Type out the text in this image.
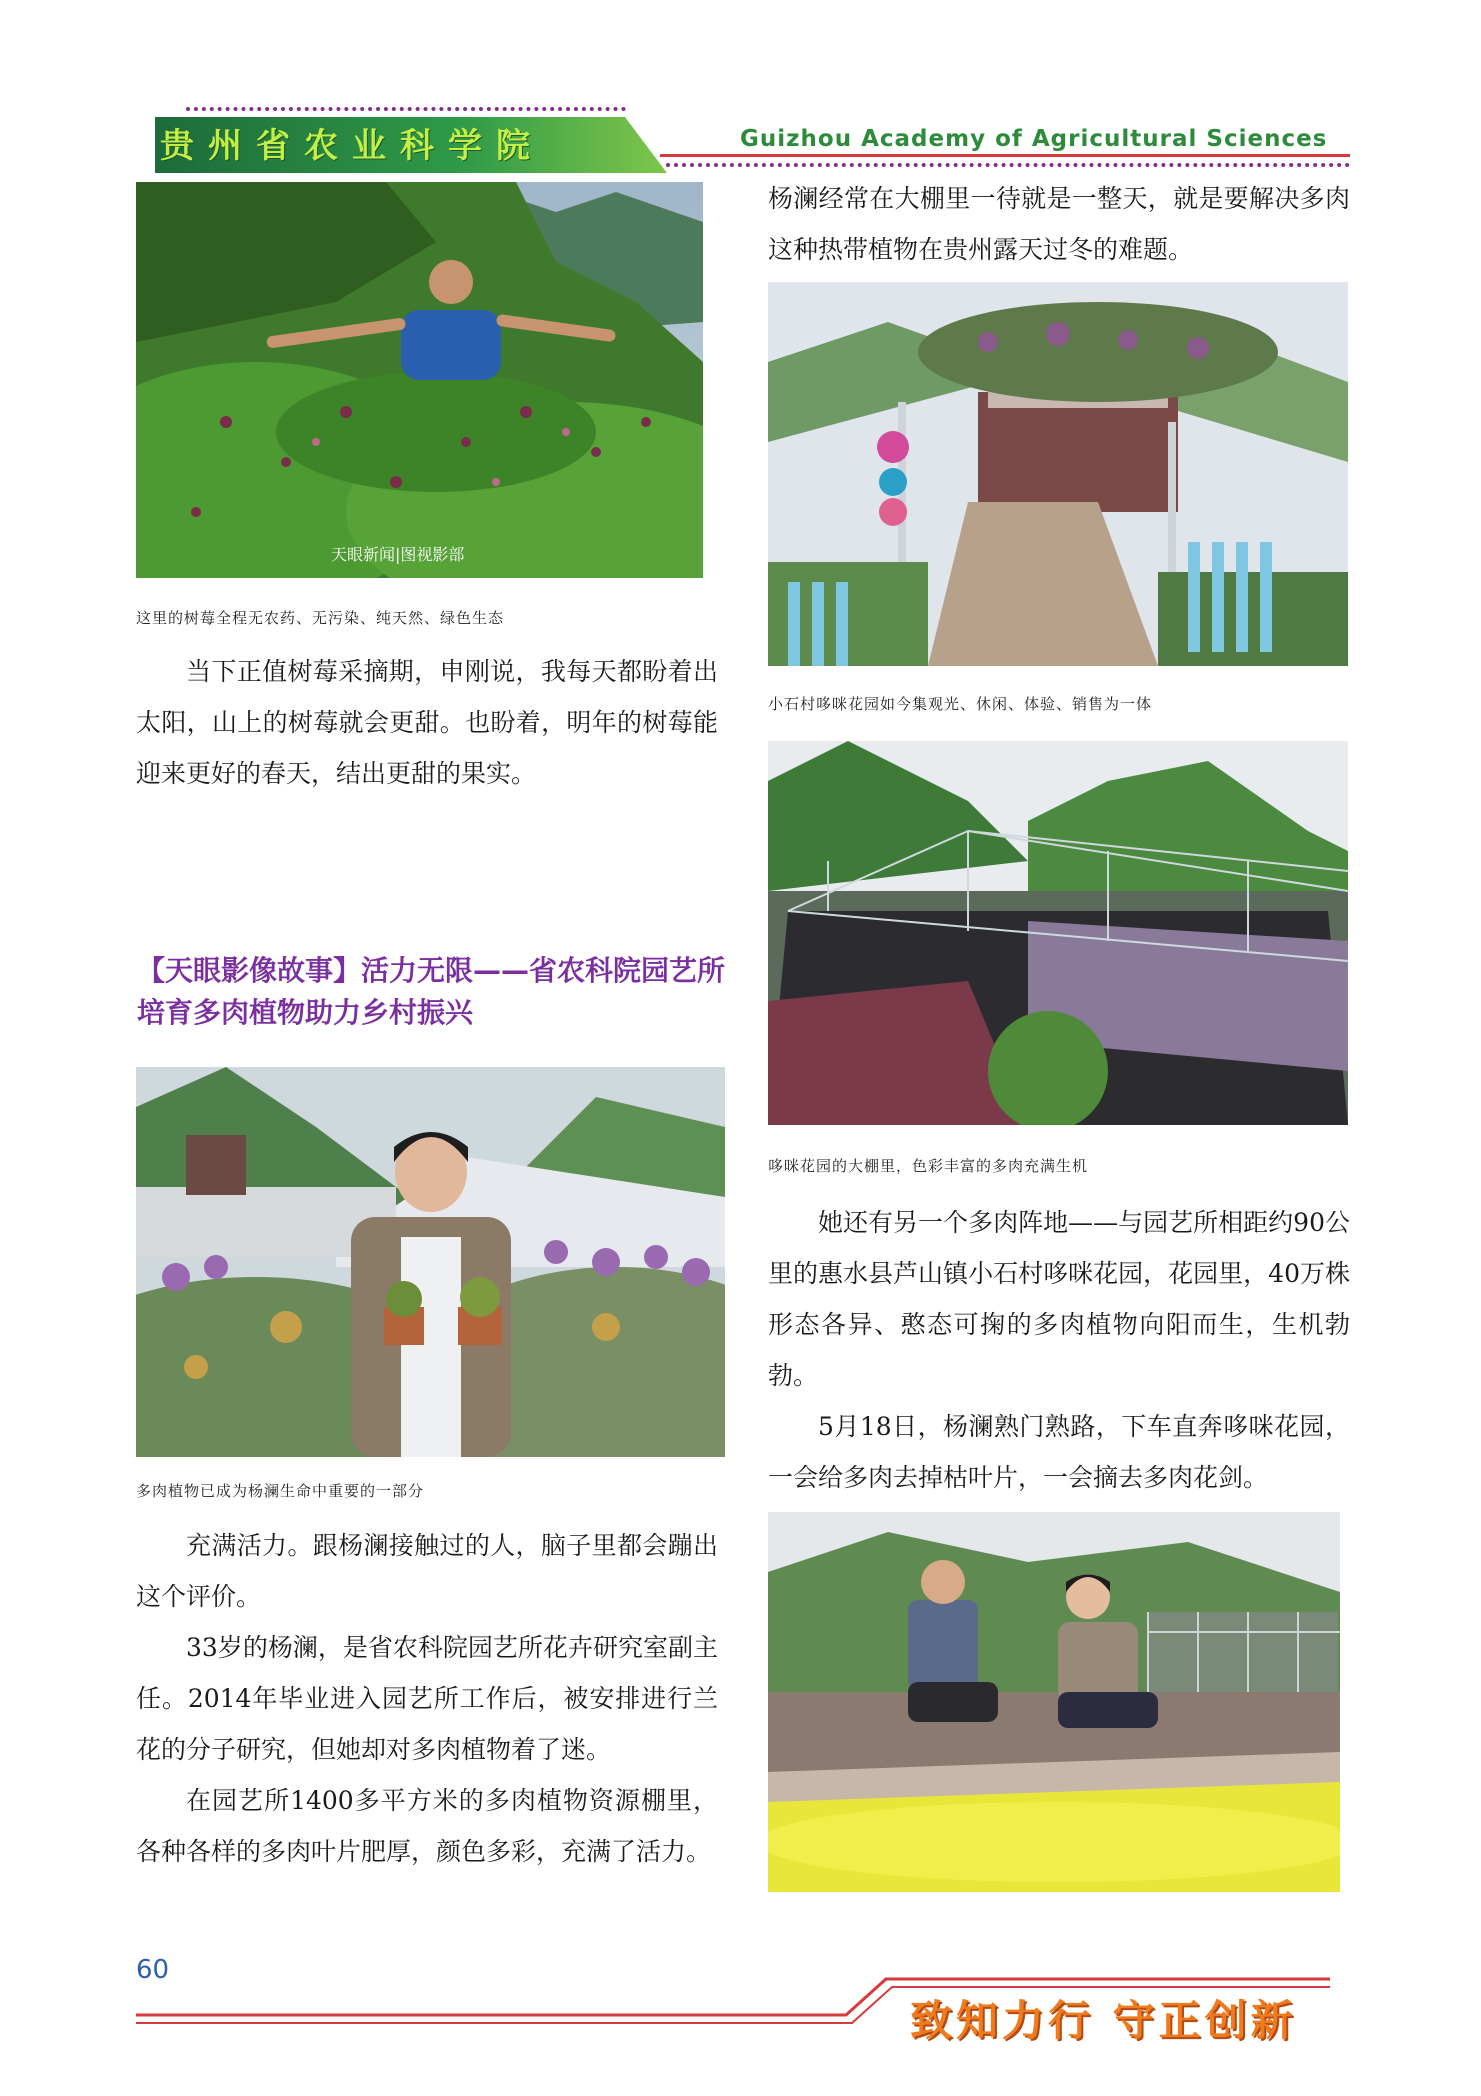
贵州省农业科学院	Guizhou Academy of Agricultural Sciences
天眼新闻|图视影部
这里的树莓全程无农药、无污染、纯天然、绿色生态
当下正值树莓采摘期，申刚说，我每天都盼着出太阳，山上的树莓就会更甜。也盼着，明年的树莓能迎来更好的春天，结出更甜的果实。
【天眼影像故事】活力无限——省农科院园艺所培育多肉植物助力乡村振兴
多肉植物已成为杨澜生命中重要的一部分
充满活力。跟杨澜接触过的人，脑子里都会蹦出这个评价。
33岁的杨澜，是省农科院园艺所花卉研究室副主任。2014年毕业进入园艺所工作后，被安排进行兰花的分子研究，但她却对多肉植物着了迷。
在园艺所1400多平方米的多肉植物资源棚里，各种各样的多肉叶片肥厚，颜色多彩，充满了活力。
杨澜经常在大棚里一待就是一整天，就是要解决多肉这种热带植物在贵州露天过冬的难题。
小石村哆咪花园如今集观光、休闲、体验、销售为一体
哆咪花园的大棚里，色彩丰富的多肉充满生机
她还有另一个多肉阵地——与园艺所相距约90公里的惠水县芦山镇小石村哆咪花园，花园里，40万株形态各异、憨态可掬的多肉植物向阳而生，生机勃勃。
5月18日，杨澜熟门熟路，下车直奔哆咪花园，一会给多肉去掉枯叶片，一会摘去多肉花剑。
60
致知力行 守正创新
